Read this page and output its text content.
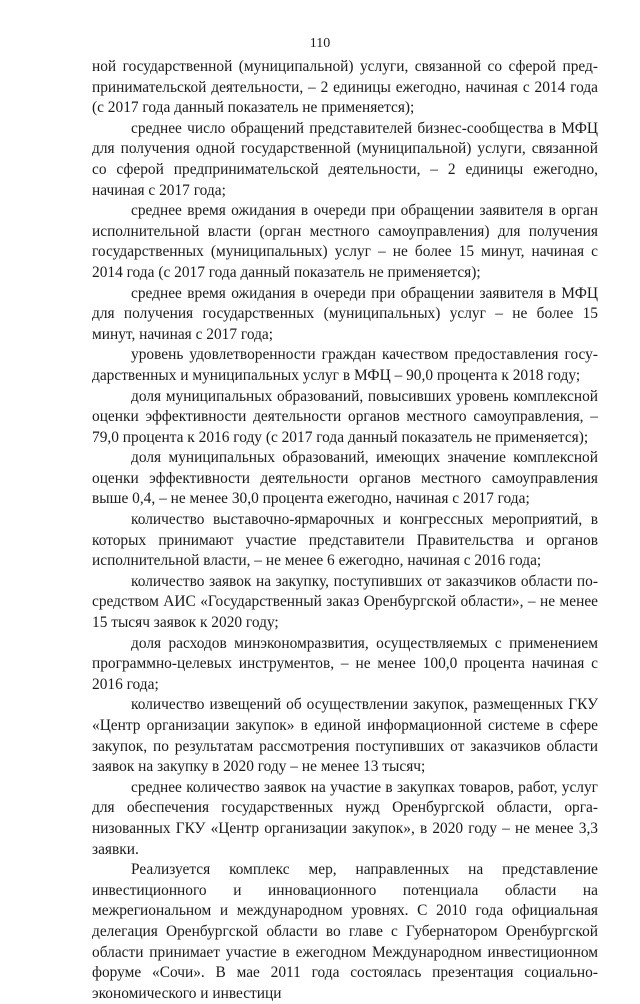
110

ной государственной (муниципальной) услуги, связанной со сферой предпринимательской деятельности, – 2 единицы ежегодно, начиная с 2014 года (с 2017 года данный показатель не применяется);

среднее число обращений представителей бизнес-сообщества в МФЦ для получения одной государственной (муниципальной) услуги, связанной со сферой предпринимательской деятельности, – 2 единицы ежегодно, начиная с 2017 года;

среднее время ожидания в очереди при обращении заявителя в орган исполнительной власти (орган местного самоуправления) для получения государственных (муниципальных) услуг – не более 15 минут, начиная с 2014 года (с 2017 года данный показатель не применяется);

среднее время ожидания в очереди при обращении заявителя в МФЦ для получения государственных (муниципальных) услуг – не более 15 минут, начиная с 2017 года;

уровень удовлетворенности граждан качеством предоставления государственных и муниципальных услуг в МФЦ – 90,0 процента к 2018 году;

доля муниципальных образований, повысивших уровень комплексной оценки эффективности деятельности органов местного самоуправления, – 79,0 процента к 2016 году (с 2017 года данный показатель не применяется);

доля муниципальных образований, имеющих значение комплексной оценки эффективности деятельности органов местного самоуправления выше 0,4, – не менее 30,0 процента ежегодно, начиная с 2017 года;

количество выставочно-ярмарочных и конгрессных мероприятий, в которых принимают участие представители Правительства и органов исполнительной власти, – не менее 6 ежегодно, начиная с 2016 года;

количество заявок на закупку, поступивших от заказчиков области посредством АИС «Государственный заказ Оренбургской области», – не менее 15 тысяч заявок к 2020 году;

доля расходов минэкономразвития, осуществляемых с применением программно-целевых инструментов, – не менее 100,0 процента начиная с 2016 года;

количество извещений об осуществлении закупок, размещенных ГКУ «Центр организации закупок» в единой информационной системе в сфере закупок, по результатам рассмотрения поступивших от заказчиков области заявок на закупку в 2020 году – не менее 13 тысяч;

среднее количество заявок на участие в закупках товаров, работ, услуг для обеспечения государственных нужд Оренбургской области, организованных ГКУ «Центр организации закупок», в 2020 году – не менее 3,3 заявки.

Реализуется комплекс мер, направленных на представление инвестиционного и инновационного потенциала области на межрегиональном и международном уровнях. С 2010 года официальная делегация Оренбургской области во главе с Губернатором Оренбургской области принимает участие в ежегодном Международном инвестиционном форуме «Сочи». В мае 2011 года состоялась презентация социально-экономического и инвестици
